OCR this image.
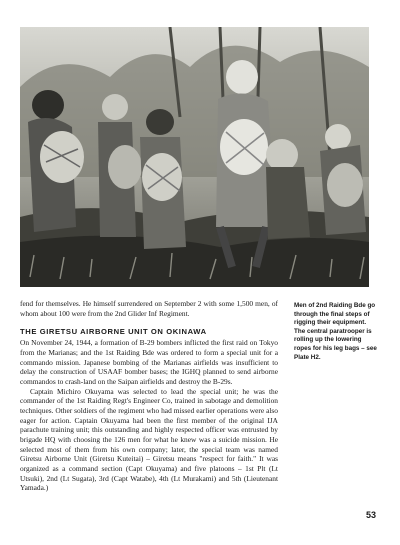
Men of 2nd Raiding Bde go through the final steps of rigging their equipment. The central paratrooper is rolling up the lowering ropes for his leg bags – see Plate H2.

fend for themselves. He himself surrendered on September 2 with some 1,500 men, of whom about 100 were from the 2nd Glider Inf Regiment.

THE GIRETSU AIRBORNE UNIT ON OKINAWA

On November 24, 1944, a formation of B-29 bombers inflicted the first raid on Tokyo from the Marianas; and the 1st Raiding Bde was ordered to form a special unit for a commando mission. Japanese bombing of the Marianas airfields was insufficient to delay the construction of USAAF bomber bases; the IGHQ planned to send airborne commandos to crash-land on the Saipan airfields and destroy the B-29s.

Captain Michiro Okuyama was selected to lead the special unit; he was the commander of the 1st Raiding Regt's Engineer Co, trained in sabotage and demolition techniques. Other soldiers of the regiment who had missed earlier operations were also eager for action. Captain Okuyama had been the first member of the original IJA parachute training unit; this outstanding and highly respected officer was entrusted by brigade HQ with choosing the 126 men for what he knew was a suicide mission. He selected most of them from his own company; later, the special team was named Giretsu Airborne Unit (Giretsu Kuteitai) – Giretsu means "respect for faith." It was organized as a command section (Capt Okuyama) and five platoons – 1st Plt (Lt Utsuki), 2nd (Lt Sugata), 3rd (Capt Watabe), 4th (Lt Murakami) and 5th (Lieutenant Yamada.)

53
